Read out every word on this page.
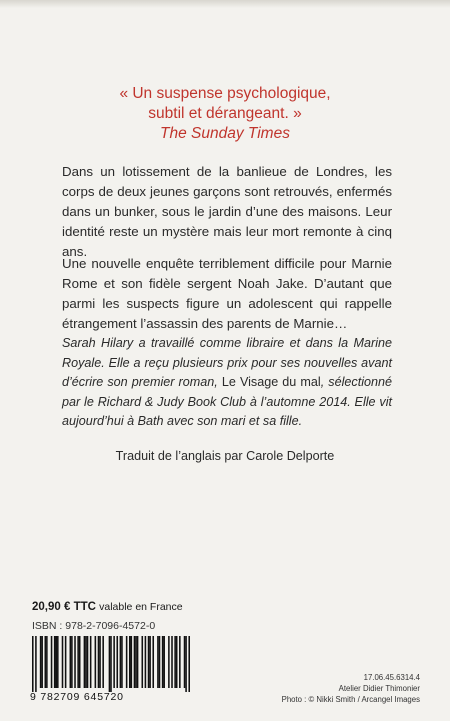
« Un suspense psychologique,
subtil et dérangeant. »
The Sunday Times
Dans un lotissement de la banlieue de Londres, les corps de deux jeunes garçons sont retrouvés, enfermés dans un bunker, sous le jardin d’une des maisons. Leur identité reste un mystère mais leur mort remonte à cinq ans.
Une nouvelle enquête terriblement difficile pour Marnie Rome et son fidèle sergent Noah Jake. D’autant que parmi les suspects figure un adolescent qui rappelle étrangement l’assassin des parents de Marnie…
Sarah Hilary a travaillé comme libraire et dans la Marine Royale. Elle a reçu plusieurs prix pour ses nouvelles avant d’écrire son premier roman, Le Visage du mal, sélectionné par le Richard & Judy Book Club à l’automne 2014. Elle vit aujourd’hui à Bath avec son mari et sa fille.
Traduit de l’anglais par Carole Delporte
20,90 € TTC valable en France
ISBN : 978-2-7096-4572-0
9 782709 645720
17.06.45.6314.4
Atelier Didier Thimonier
Photo : © Nikki Smith / Arcangel Images
